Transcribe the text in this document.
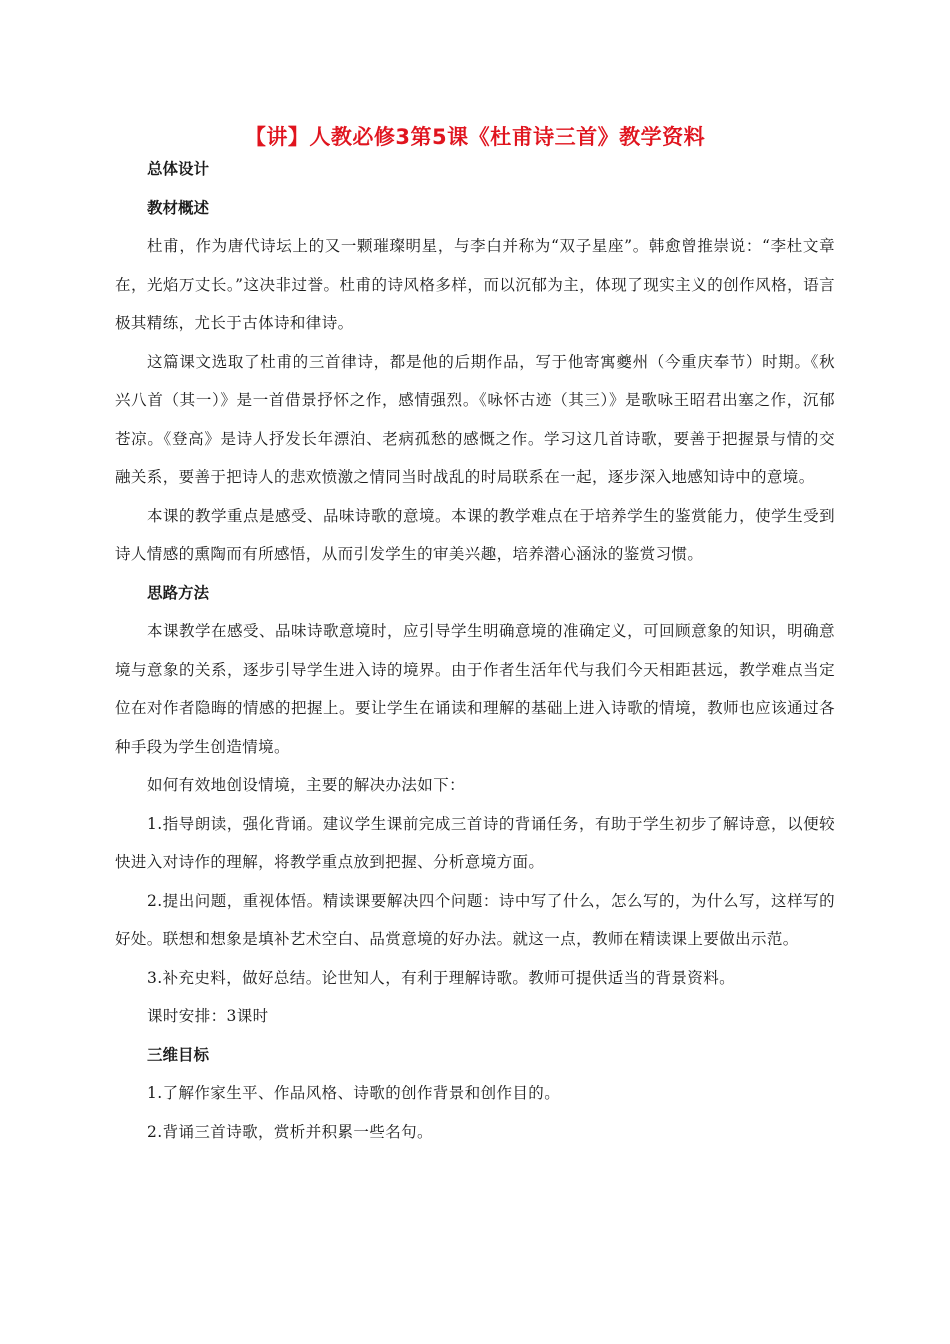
【讲】人教必修3第5课《杜甫诗三首》教学资料

总体设计

教材概述

杜甫，作为唐代诗坛上的又一颗璀璨明星，与李白并称为“双子星座”。韩愈曾推崇说：“李杜文章在，光焰万丈长。”这决非过誉。杜甫的诗风格多样，而以沉郁为主，体现了现实主义的创作风格，语言极其精练，尤长于古体诗和律诗。

这篇课文选取了杜甫的三首律诗，都是他的后期作品，写于他寄寓夔州（今重庆奉节）时期。《秋兴八首（其一）》是一首借景抒怀之作，感情强烈。《咏怀古迹（其三）》是歌咏王昭君出塞之作，沉郁苍凉。《登高》是诗人抒发长年漂泊、老病孤愁的感慨之作。学习这几首诗歌，要善于把握景与情的交融关系，要善于把诗人的悲欢愤激之情同当时战乱的时局联系在一起，逐步深入地感知诗中的意境。

本课的教学重点是感受、品味诗歌的意境。本课的教学难点在于培养学生的鉴赏能力，使学生受到诗人情感的熏陶而有所感悟，从而引发学生的审美兴趣，培养潜心涵泳的鉴赏习惯。

思路方法

本课教学在感受、品味诗歌意境时，应引导学生明确意境的准确定义，可回顾意象的知识，明确意境与意象的关系，逐步引导学生进入诗的境界。由于作者生活年代与我们今天相距甚远，教学难点当定位在对作者隐晦的情感的把握上。要让学生在诵读和理解的基础上进入诗歌的情境，教师也应该通过各种手段为学生创造情境。

如何有效地创设情境，主要的解决办法如下：

1.指导朗读，强化背诵。建议学生课前完成三首诗的背诵任务，有助于学生初步了解诗意，以便较快进入对诗作的理解，将教学重点放到把握、分析意境方面。

2.提出问题，重视体悟。精读课要解决四个问题：诗中写了什么，怎么写的，为什么写，这样写的好处。联想和想象是填补艺术空白、品赏意境的好办法。就这一点，教师在精读课上要做出示范。

3.补充史料，做好总结。论世知人，有利于理解诗歌。教师可提供适当的背景资料。

课时安排：3课时

三维目标

1.了解作家生平、作品风格、诗歌的创作背景和创作目的。

2.背诵三首诗歌，赏析并积累一些名句。
